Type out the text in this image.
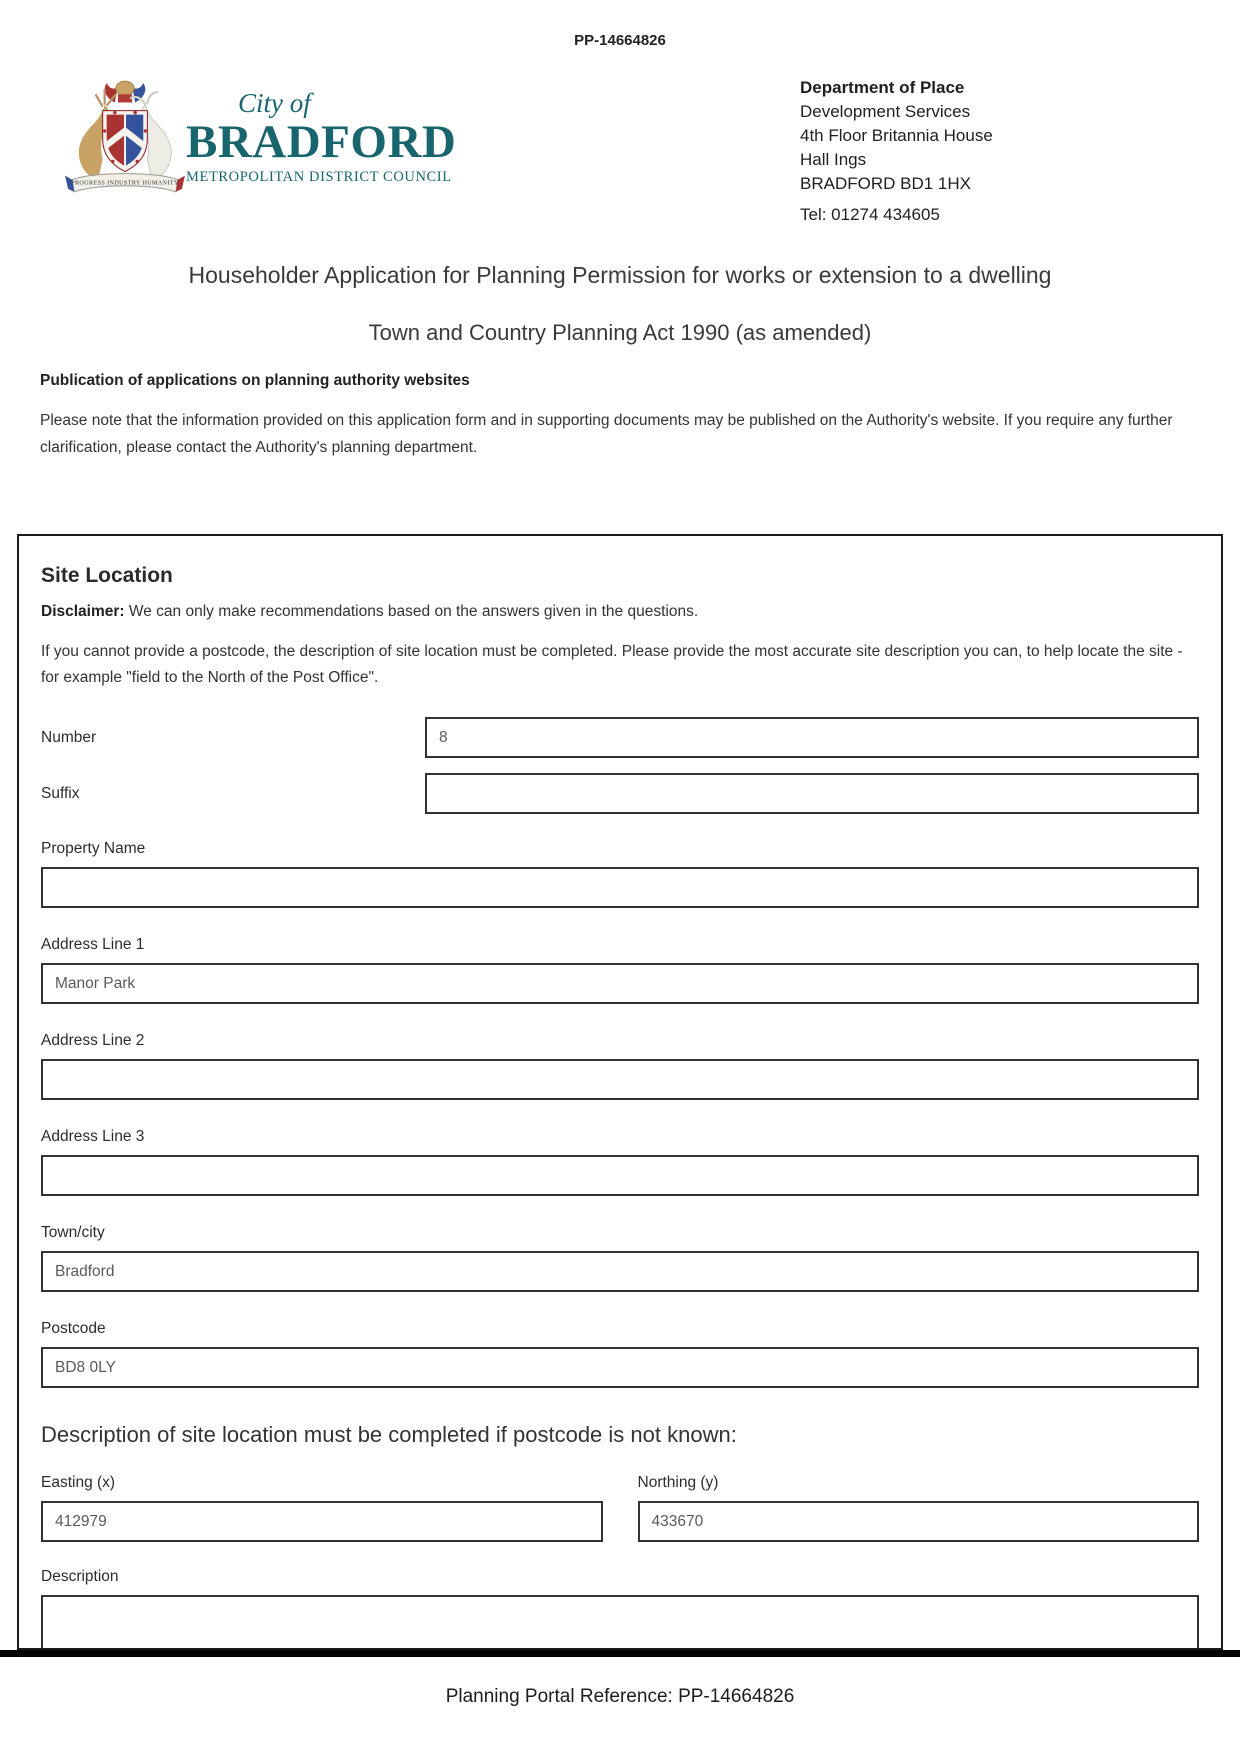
PP-14664826
PROGRESS INDUSTRY HUMANITY
City of
BRADFORD
METROPOLITAN DISTRICT COUNCIL
Department of Place
Development Services
4th Floor Britannia House
Hall Ings
BRADFORD BD1 1HX
Tel: 01274 434605
Householder Application for Planning Permission for works or extension to a dwelling
Town and Country Planning Act 1990 (as amended)
Publication of applications on planning authority websites
Please note that the information provided on this application form and in supporting documents may be published on the Authority's website. If you require any further clarification, please contact the Authority's planning department.
Site Location
Disclaimer: We can only make recommendations based on the answers given in the questions.
If you cannot provide a postcode, the description of site location must be completed. Please provide the most accurate site description you can, to help locate the site - for example "field to the North of the Post Office".
Number
8
Suffix
Property Name
Address Line 1
Manor Park
Address Line 2
Address Line 3
Town/city
Bradford
Postcode
BD8 0LY
Description of site location must be completed if postcode is not known:
Easting (x)
412979	Northing (y)
433670
Description
Planning Portal Reference: PP-14664826
